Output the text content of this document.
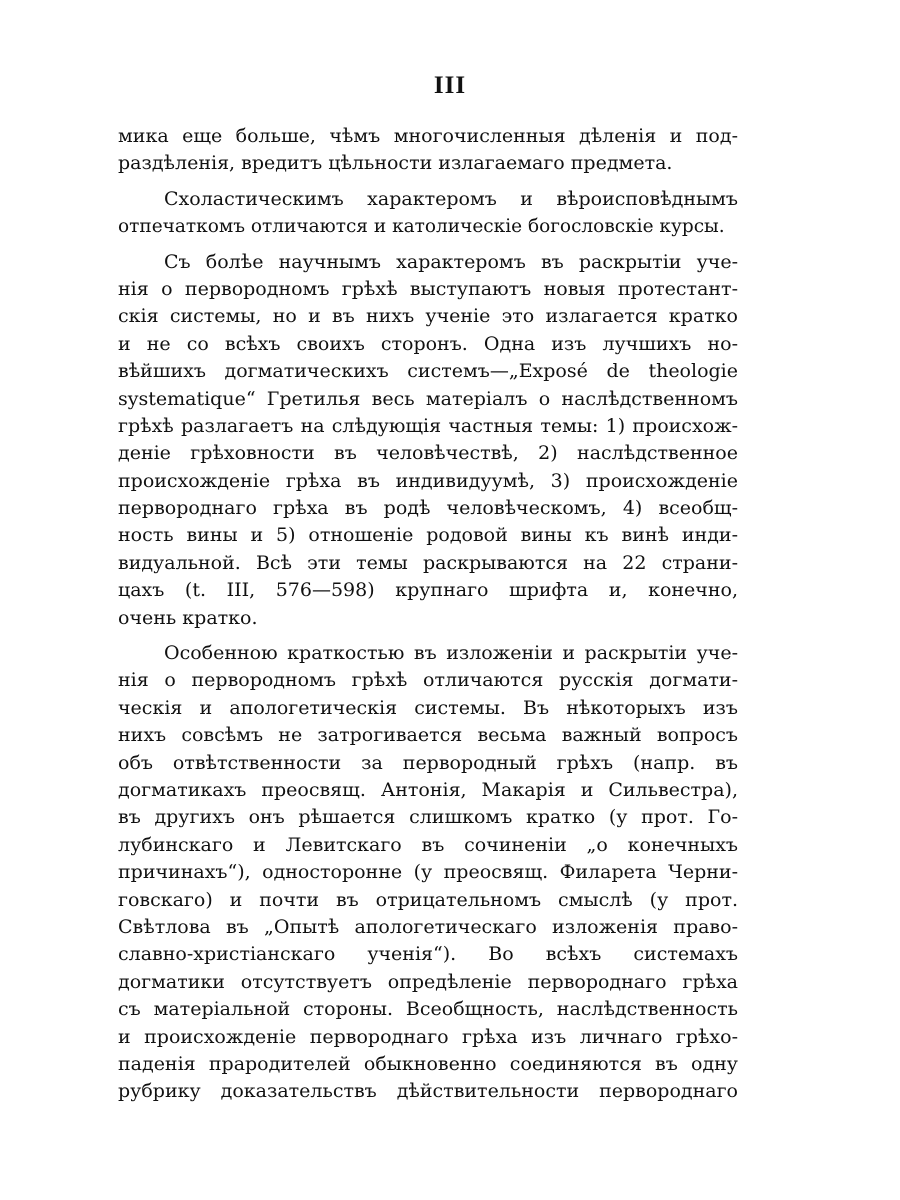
III
мика еще больше, чѣмъ многочисленныя дѣленія и под-
раздѣленія, вредитъ цѣльности излагаемаго предмета.
Схоластическимъ характеромъ и вѣроисповѣднымъ
отпечаткомъ отличаются и католическіе богословскіе курсы.
Съ болѣе научнымъ характеромъ въ раскрытіи уче-
нія о первородномъ грѣхѣ выступаютъ новыя протестант-
скія системы, но и въ нихъ ученіе это излагается кратко
и не со всѣхъ своихъ сторонъ. Одна изъ лучшихъ но-
вѣйшихъ догматическихъ системъ—„Exposé de theologie
systematique“ Гретилья весь матеріалъ о наслѣдственномъ
грѣхѣ разлагаетъ на слѣдующія частныя темы: 1) происхож-
деніе грѣховности въ человѣчествѣ, 2) наслѣдственное
происхожденіе грѣха въ индивидуумѣ, 3) происхожденіе
первороднаго грѣха въ родѣ человѣческомъ, 4) всеобщ-
ность вины и 5) отношеніе родовой вины къ винѣ инди-
видуальной. Всѣ эти темы раскрываются на 22 страни-
цахъ (t. III, 576—598) крупнаго шрифта и, конечно,
очень кратко.
Особенною краткостью въ изложеніи и раскрытіи уче-
нія о первородномъ грѣхѣ отличаются русскія догмати-
ческія и апологетическія системы. Въ нѣкоторыхъ изъ
нихъ совсѣмъ не затрогивается весьма важный вопросъ
объ отвѣтственности за первородный грѣхъ (напр. въ
догматикахъ преосвящ. Антонія, Макарія и Сильвестра),
въ другихъ онъ рѣшается слишкомъ кратко (у прот. Го-
лубинскаго и Левитскаго въ сочиненіи „о конечныхъ
причинахъ“), односторонне (у преосвящ. Филарета Черни-
говскаго) и почти въ отрицательномъ смыслѣ (у прот.
Свѣтлова въ „Опытѣ апологетическаго изложенія право-
славно-христіанскаго ученія“). Во всѣхъ системахъ
догматики отсутствуетъ опредѣленіе первороднаго грѣха
съ матеріальной стороны. Всеобщность, наслѣдственность
и происхожденіе первороднаго грѣха изъ личнаго грѣхо-
паденія прародителей обыкновенно соединяются въ одну
рубрику доказательствъ дѣйствительности первороднаго
